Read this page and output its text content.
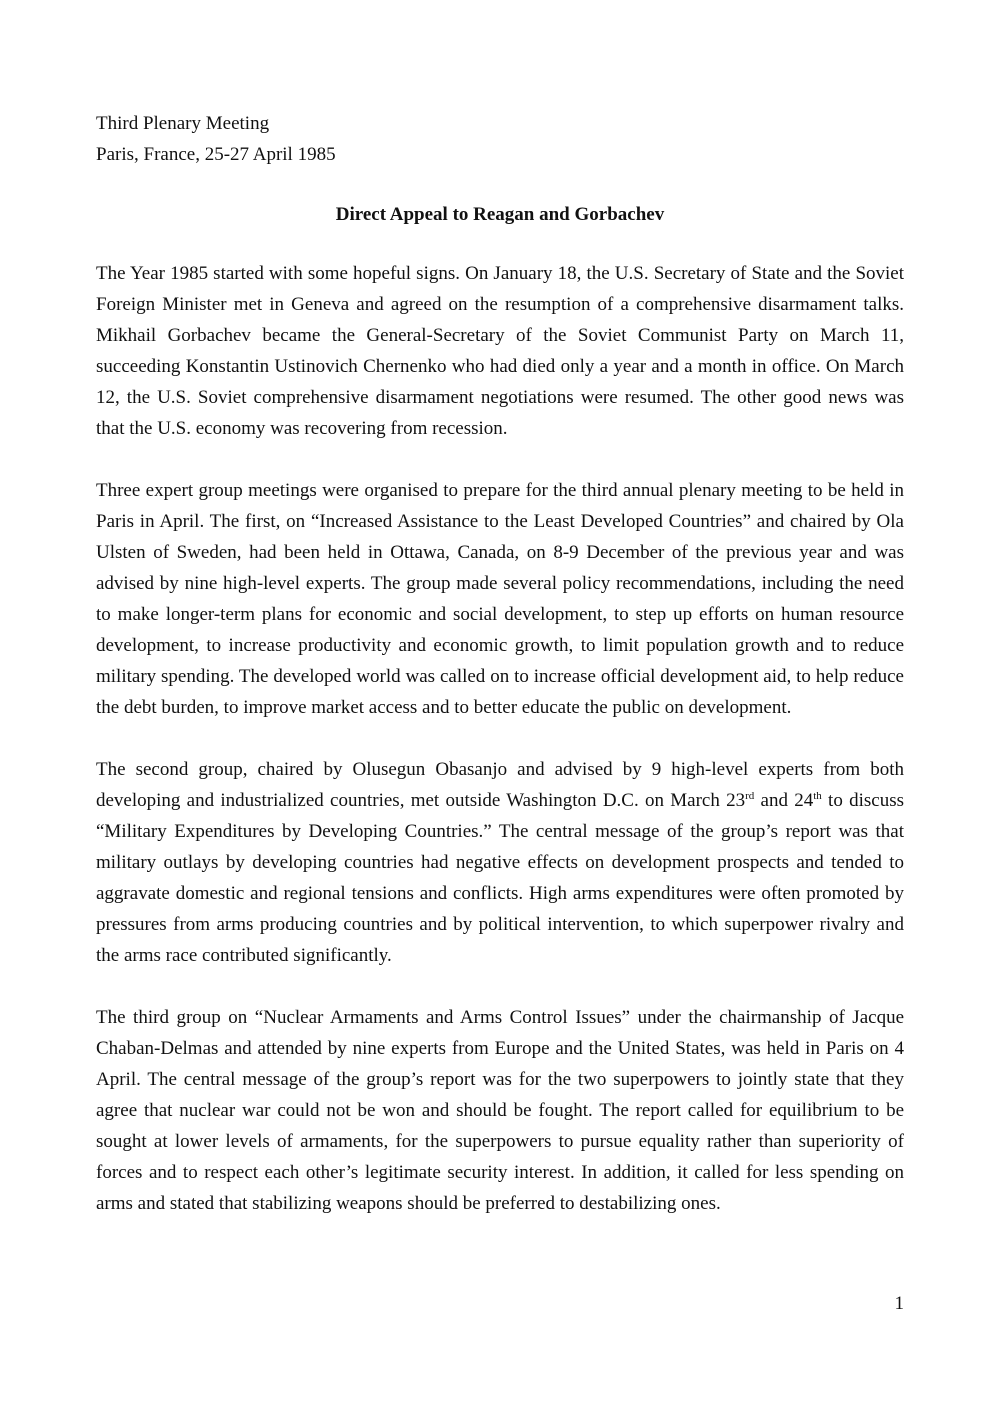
Third Plenary Meeting
Paris, France, 25-27 April 1985
Direct Appeal to Reagan and Gorbachev

The Year 1985 started with some hopeful signs. On January 18, the U.S. Secretary of State and the Soviet Foreign Minister met in Geneva and agreed on the resumption of a comprehensive disarmament talks. Mikhail Gorbachev became the General-Secretary of the Soviet Communist Party on March 11, succeeding Konstantin Ustinovich Chernenko who had died only a year and a month in office. On March 12, the U.S. Soviet comprehensive disarmament negotiations were resumed. The other good news was that the U.S. economy was recovering from recession.

Three expert group meetings were organised to prepare for the third annual plenary meeting to be held in Paris in April. The first, on “Increased Assistance to the Least Developed Countries” and chaired by Ola Ulsten of Sweden, had been held in Ottawa, Canada, on 8-9 December of the previous year and was advised by nine high-level experts. The group made several policy recommendations, including the need to make longer-term plans for economic and social development, to step up efforts on human resource development, to increase productivity and economic growth, to limit population growth and to reduce military spending. The developed world was called on to increase official development aid, to help reduce the debt burden, to improve market access and to better educate the public on development.

The second group, chaired by Olusegun Obasanjo and advised by 9 high-level experts from both developing and industrialized countries, met outside Washington D.C. on March 23rd and 24th to discuss “Military Expenditures by Developing Countries.” The central message of the group’s report was that military outlays by developing countries had negative effects on development prospects and tended to aggravate domestic and regional tensions and conflicts. High arms expenditures were often promoted by pressures from arms producing countries and by political intervention, to which superpower rivalry and the arms race contributed significantly.

The third group on “Nuclear Armaments and Arms Control Issues” under the chairmanship of Jacque Chaban-Delmas and attended by nine experts from Europe and the United States, was held in Paris on 4 April. The central message of the group’s report was for the two superpowers to jointly state that they agree that nuclear war could not be won and should be fought. The report called for equilibrium to be sought at lower levels of armaments, for the superpowers to pursue equality rather than superiority of forces and to respect each other’s legitimate security interest. In addition, it called for less spending on arms and stated that stabilizing weapons should be preferred to destabilizing ones.

1
